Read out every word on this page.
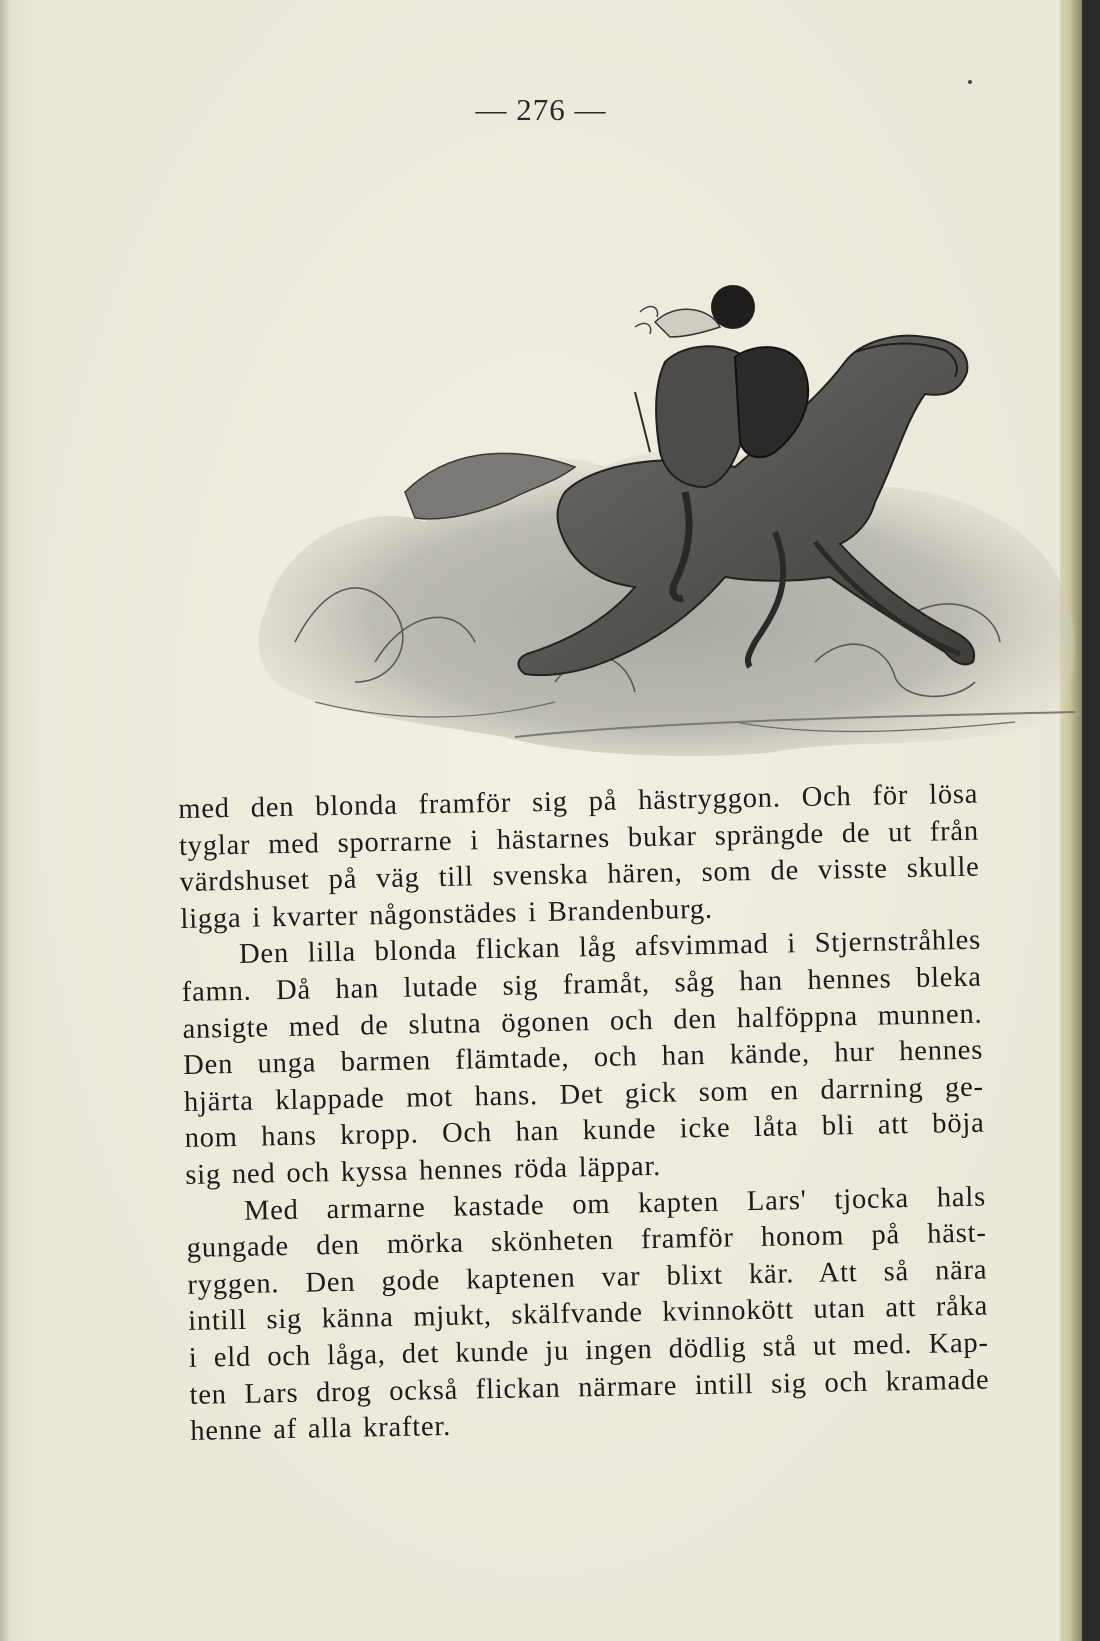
— 276 —
med den blonda framför sig på hästryggon. Och för lösa
tyglar med sporrarne i hästarnes bukar sprängde de ut från
värdshuset på väg till svenska hären, som de visste skulle
ligga i kvarter någonstädes i Brandenburg.
Den lilla blonda flickan låg afsvimmad i Stjernstråhles
famn. Då han lutade sig framåt, såg han hennes bleka
ansigte med de slutna ögonen och den halföppna munnen.
Den unga barmen flämtade, och han kände, hur hennes
hjärta klappade mot hans. Det gick som en darrning ge-
nom hans kropp. Och han kunde icke låta bli att böja
sig ned och kyssa hennes röda läppar.
Med armarne kastade om kapten Lars' tjocka hals
gungade den mörka skönheten framför honom på häst-
ryggen. Den gode kaptenen var blixt kär. Att så nära
intill sig känna mjukt, skälfvande kvinnokött utan att råka
i eld och låga, det kunde ju ingen dödlig stå ut med. Kap-
ten Lars drog också flickan närmare intill sig och kramade
henne af alla krafter.
